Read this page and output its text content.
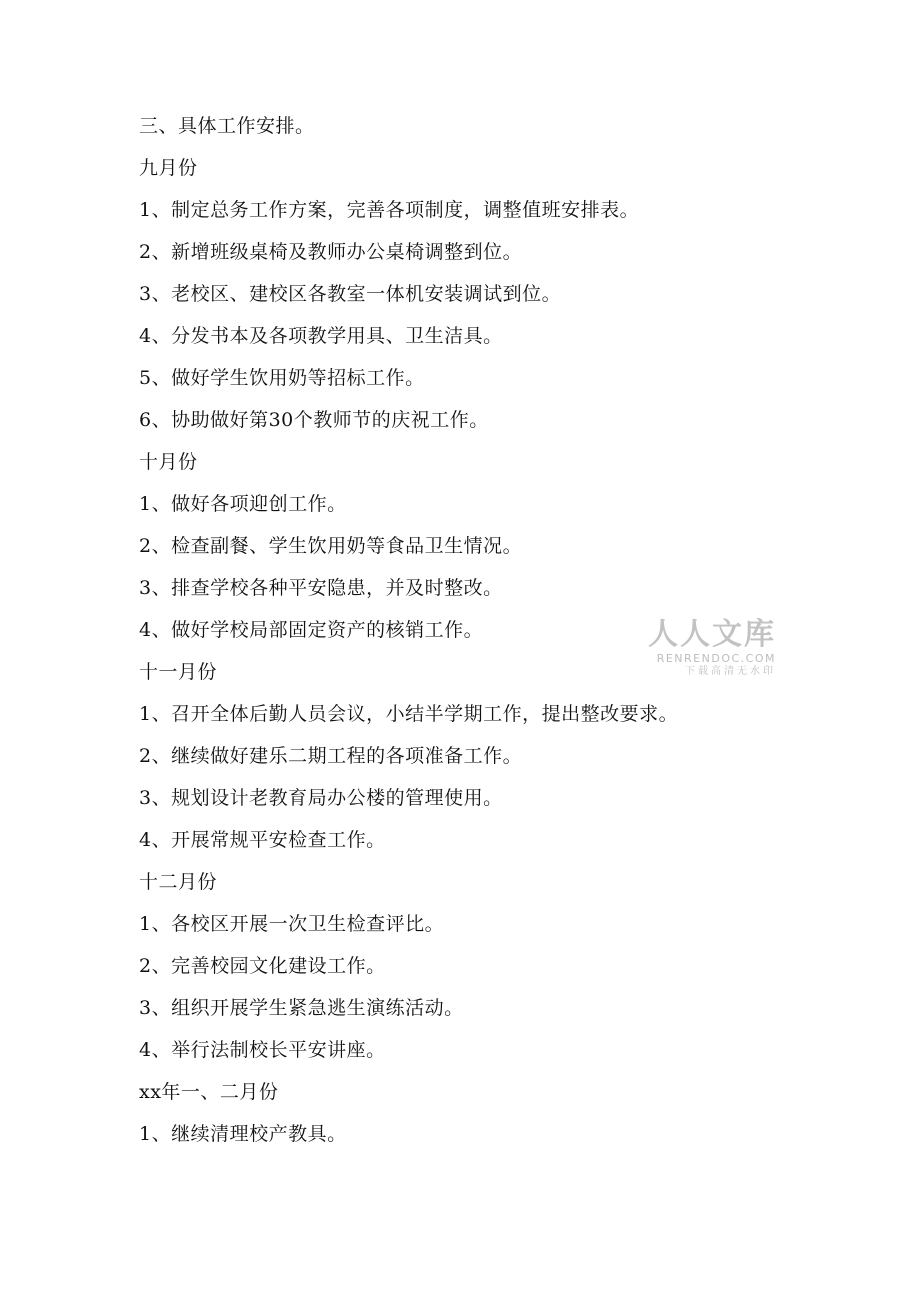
三、具体工作安排。
九月份
1、制定总务工作方案，完善各项制度，调整值班安排表。
2、新增班级桌椅及教师办公桌椅调整到位。
3、老校区、建校区各教室一体机安装调试到位。
4、分发书本及各项教学用具、卫生洁具。
5、做好学生饮用奶等招标工作。
6、协助做好第30个教师节的庆祝工作。
十月份
1、做好各项迎创工作。
2、检查副餐、学生饮用奶等食品卫生情况。
3、排查学校各种平安隐患，并及时整改。
4、做好学校局部固定资产的核销工作。
十一月份
1、召开全体后勤人员会议，小结半学期工作，提出整改要求。
2、继续做好建乐二期工程的各项准备工作。
3、规划设计老教育局办公楼的管理使用。
4、开展常规平安检查工作。
十二月份
1、各校区开展一次卫生检查评比。
2、完善校园文化建设工作。
3、组织开展学生紧急逃生演练活动。
4、举行法制校长平安讲座。
xx年一、二月份
1、继续清理校产教具。
人人文库
RENRENDOC.COM
下载高清无水印
